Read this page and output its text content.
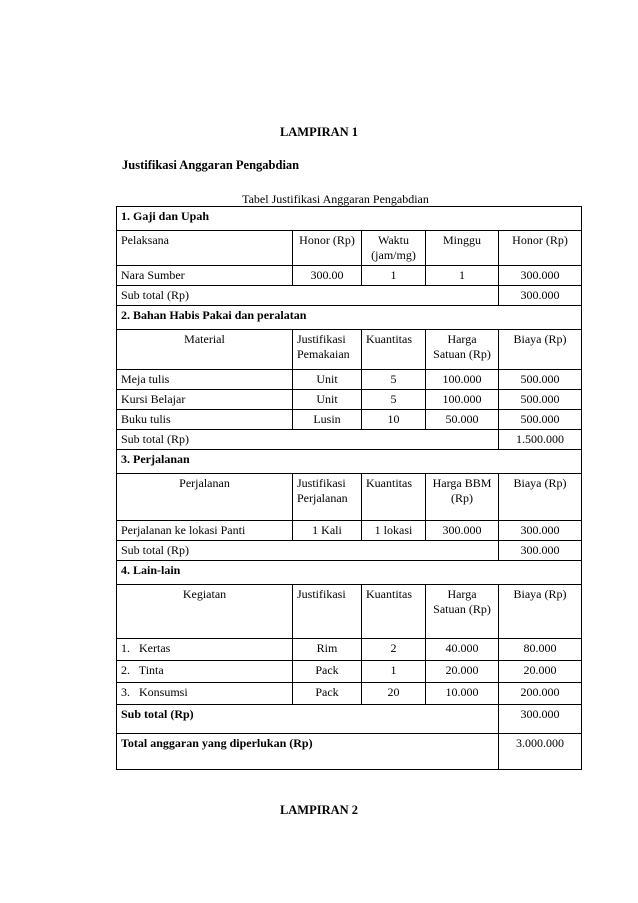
LAMPIRAN 1
Justifikasi Anggaran Pengabdian
Tabel Justifikasi Anggaran Pengabdian
1. Gaji dan Upah				
Pelaksana	Honor (Rp)	Waktu (jam/mg)	Minggu	Honor (Rp)
Nara Sumber	300.00	1	1	300.000
Sub total (Rp)				300.000
2. Bahan Habis Pakai dan peralatan				
Material	Justifikasi Pemakaian	Kuantitas	Harga Satuan (Rp)	Biaya (Rp)
Meja tulis	Unit	5	100.000	500.000
Kursi Belajar	Unit	5	100.000	500.000
Buku tulis	Lusin	10	50.000	500.000
Sub total (Rp)				1.500.000
3. Perjalanan				
Perjalanan	Justifikasi Perjalanan	Kuantitas	Harga BBM (Rp)	Biaya (Rp)
Perjalanan ke lokasi Panti	1 Kali	1 lokasi	300.000	300.000
Sub total (Rp)				300.000
4. Lain-lain				
Kegiatan	Justifikasi	Kuantitas	Harga Satuan (Rp)	Biaya (Rp)
1.   Kertas	Rim	2	40.000	80.000
2.   Tinta	Pack	1	20.000	20.000
3.   Konsumsi	Pack	20	10.000	200.000
Sub total (Rp)				300.000
Total anggaran yang diperlukan (Rp)				3.000.000
LAMPIRAN 2
